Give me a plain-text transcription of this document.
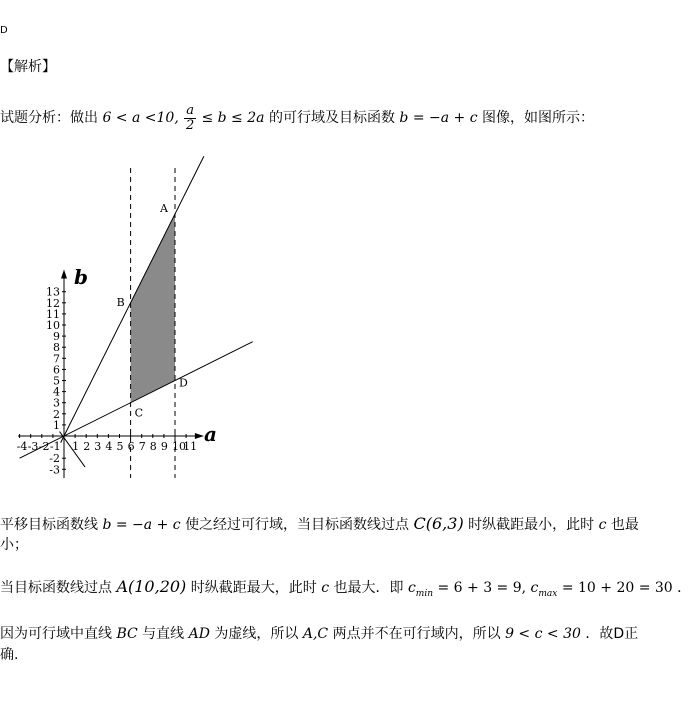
D
【解析】
试题分析：做出 6 < a <10, $\frac{a}{2} \le b \le 2a$ 的可行域及目标函数 b = −a + c 图像，如图所示：
-4 -3 -2 -1 1 2 3 4 5 6 7 8 9 10
11
13
12
11
10
9
8
7
6
5
4
3
2
1
-2
-3
A
B
C
D
a
b
平移目标函数线 b = −a + c 使之经过可行域，当目标函数线过点 C(6,3) 时纵截距最小，此时 c 也最
小；
当目标函数线过点 A(10,20) 时纵截距最大，此时 c 也最大．即 $c_{min} = 6 + 3 = 9$, $c_{max} = 10 + 20 = 30$ ．
因为可行域中直线 BC 与直线 AD 为虚线，所以 A,C 两点并不在可行域内，所以 9 < c < 30 ．故D正
确.
